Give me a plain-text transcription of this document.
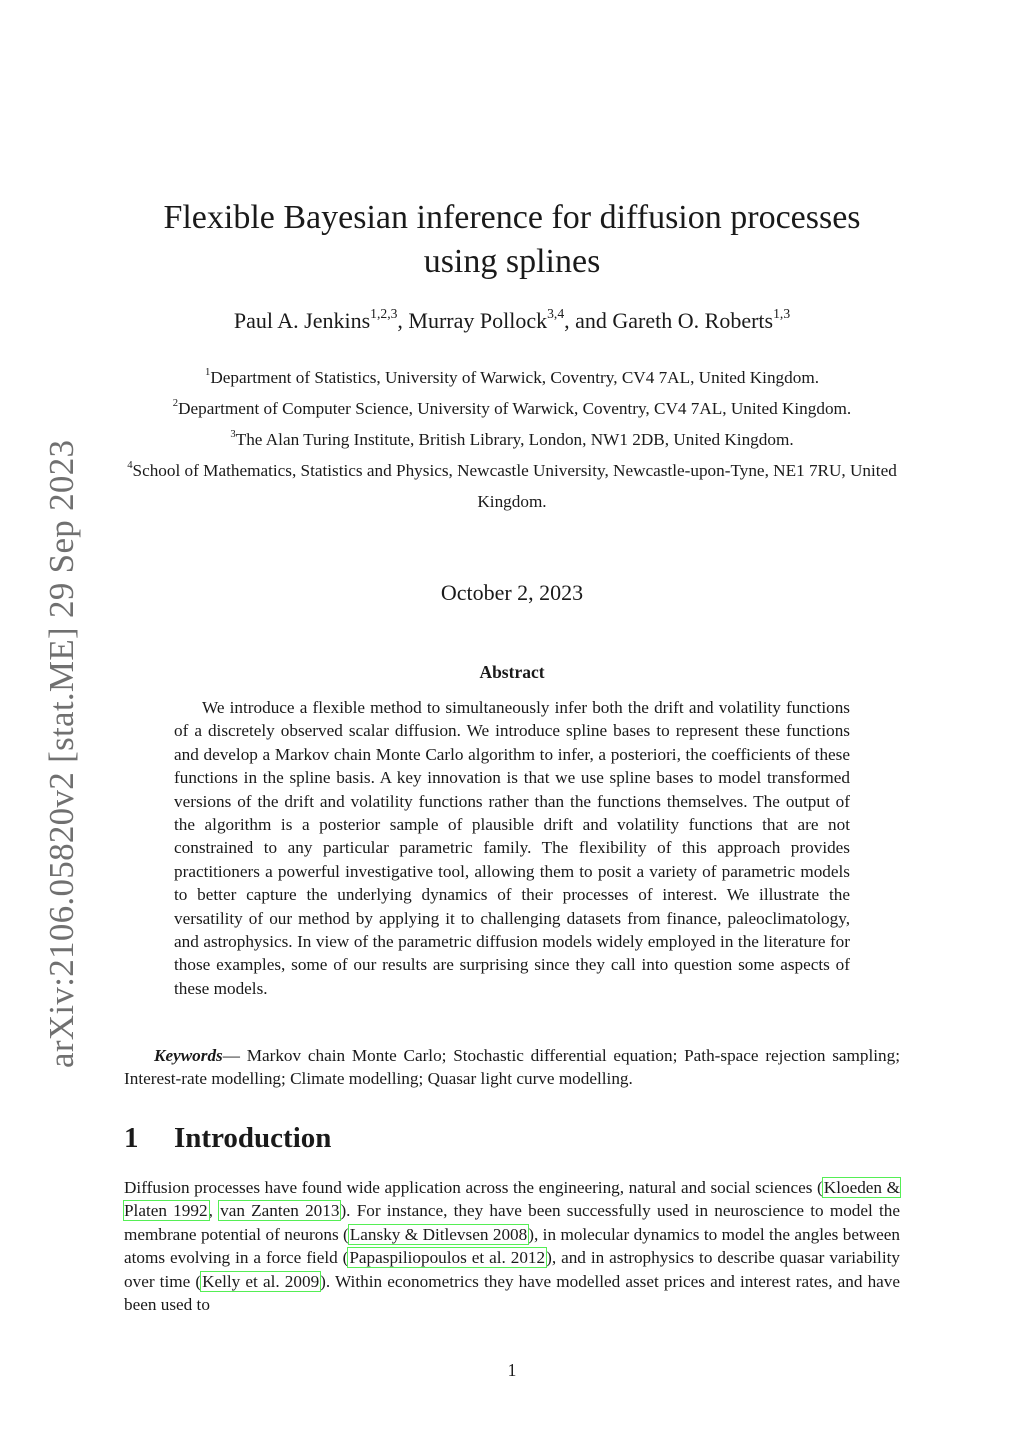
arXiv:2106.05820v2 [stat.ME] 29 Sep 2023
Flexible Bayesian inference for diffusion processes using splines
Paul A. Jenkins$^{1,2,3}$, Murray Pollock$^{3,4}$, and Gareth O. Roberts$^{1,3}$

$^1$Department of Statistics, University of Warwick, Coventry, CV4 7AL, United Kingdom.

$^2$Department of Computer Science, University of Warwick, Coventry, CV4 7AL, United Kingdom.

$^3$The Alan Turing Institute, British Library, London, NW1 2DB, United Kingdom.

$^4$School of Mathematics, Statistics and Physics, Newcastle University, Newcastle-upon-Tyne, NE1 7RU, United Kingdom.

October 2, 2023
Abstract

We introduce a flexible method to simultaneously infer both the drift and volatility functions of a discretely observed scalar diffusion. We introduce spline bases to represent these functions and develop a Markov chain Monte Carlo algorithm to infer, a posteriori, the coefficients of these functions in the spline basis. A key innovation is that we use spline bases to model transformed versions of the drift and volatility functions rather than the functions themselves. The output of the algorithm is a posterior sample of plausible drift and volatility functions that are not constrained to any particular parametric family. The flexibility of this approach provides practitioners a powerful investigative tool, allowing them to posit a variety of parametric models to better capture the underlying dynamics of their processes of interest. We illustrate the versatility of our method by applying it to challenging datasets from finance, paleoclimatology, and astrophysics. In view of the parametric diffusion models widely employed in the literature for those examples, some of our results are surprising since they call into question some aspects of these models.

Keywords— Markov chain Monte Carlo; Stochastic differential equation; Path-space rejection sampling; Interest-rate modelling; Climate modelling; Quasar light curve modelling.

1 Introduction

Diffusion processes have found wide application across the engineering, natural and social sciences (Kloeden & Platen 1992, van Zanten 2013). For instance, they have been successfully used in neuroscience to model the membrane potential of neurons (Lansky & Ditlevsen 2008), in molecular dynamics to model the angles between atoms evolving in a force field (Papaspiliopoulos et al. 2012), and in astrophysics to describe quasar variability over time (Kelly et al. 2009). Within econometrics they have modelled asset prices and interest rates, and have been used to

1
